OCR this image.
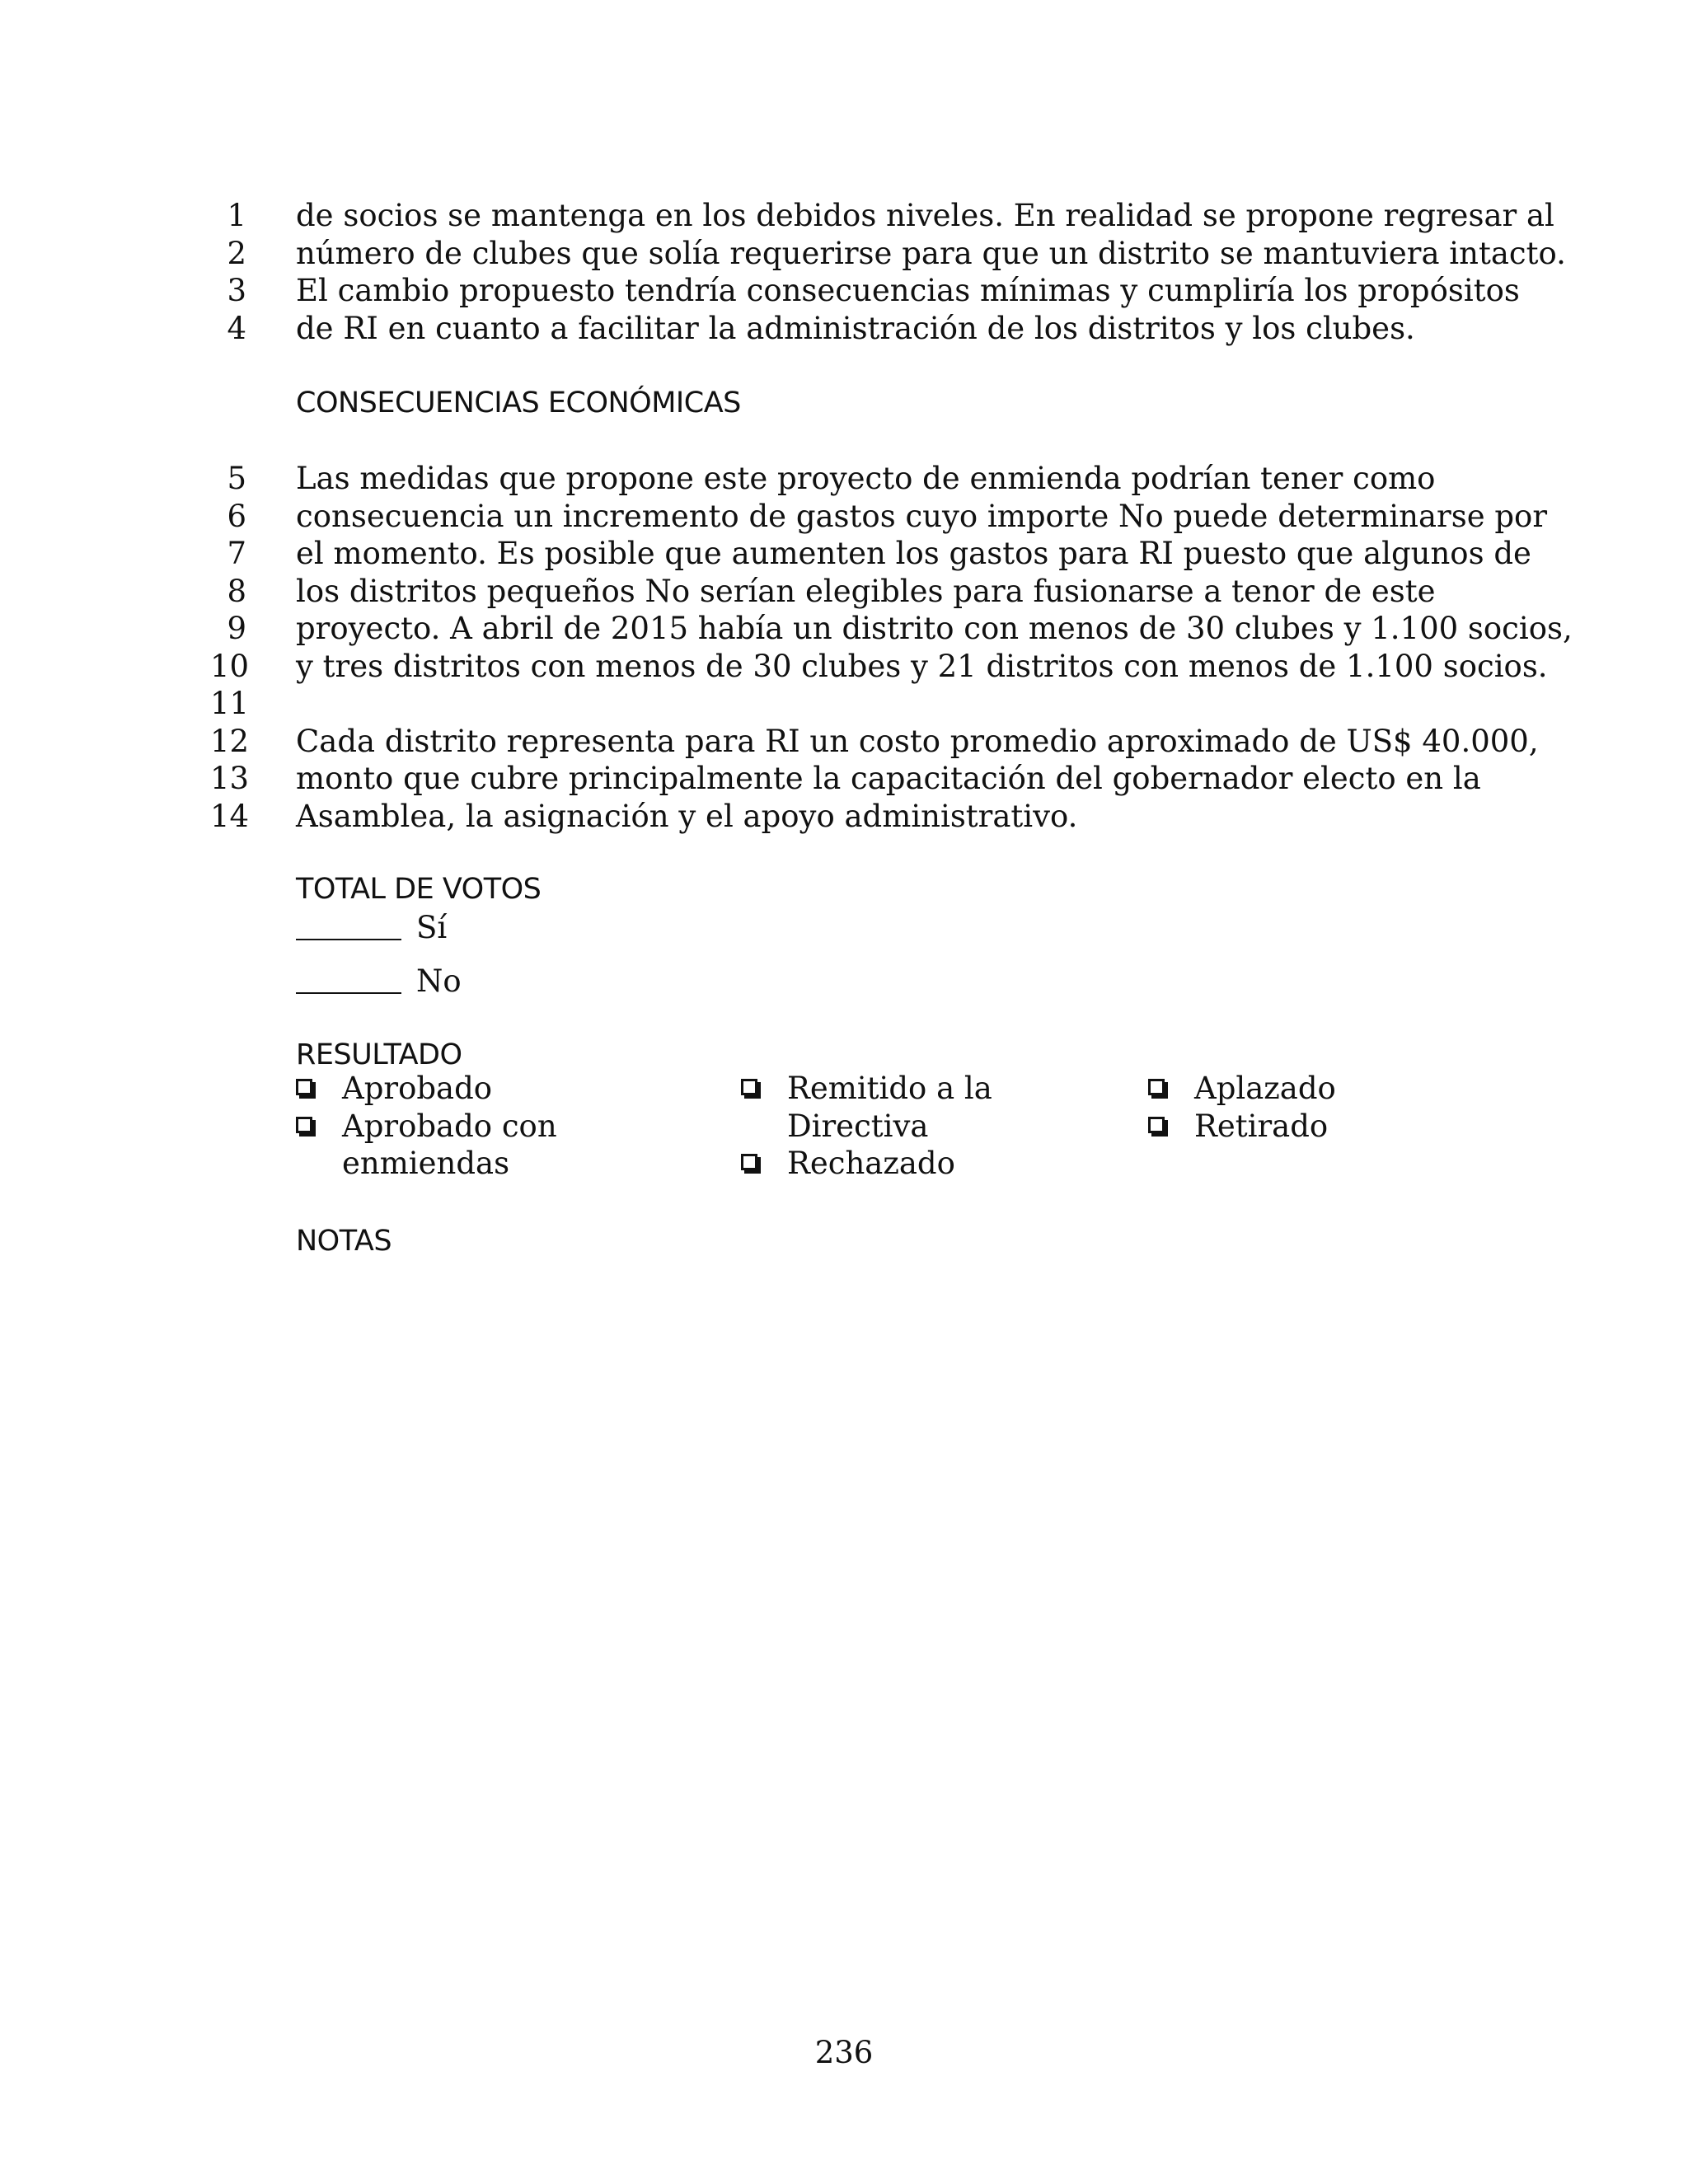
1 de socios se mantenga en los debidos niveles. En realidad se propone regresar al
2 número de clubes que solía requerirse para que un distrito se mantuviera intacto.
3 El cambio propuesto tendría consecuencias mínimas y cumpliría los propósitos
4 de RI en cuanto a facilitar la administración de los distritos y los clubes.
CONSECUENCIAS ECONÓMICAS
5 Las medidas que propone este proyecto de enmienda podrían tener como
6 consecuencia un incremento de gastos cuyo importe No puede determinarse por
7 el momento. Es posible que aumenten los gastos para RI puesto que algunos de
8 los distritos pequeños No serían elegibles para fusionarse a tenor de este
9 proyecto. A abril de 2015 había un distrito con menos de 30 clubes y 1.100 socios,
10 y tres distritos con menos de 30 clubes y 21 distritos con menos de 1.100 socios.
11
12 Cada distrito representa para RI un costo promedio aproximado de US$ 40.000,
13 monto que cubre principalmente la capacitación del gobernador electo en la
14 Asamblea, la asignación y el apoyo administrativo.
TOTAL DE VOTOS
Sí
No
RESULTADO
Aprobado
Aprobado con
enmiendas
Remitido a la
Directiva
Rechazado
Aplazado
Retirado
NOTAS
236
